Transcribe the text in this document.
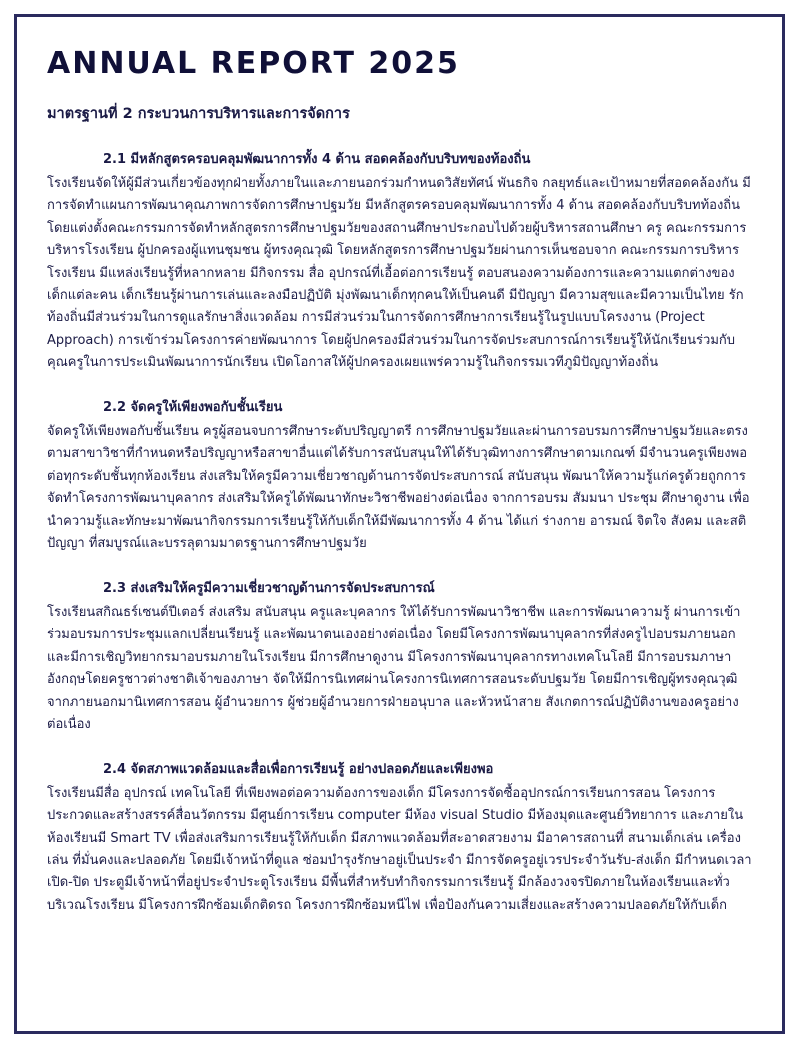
ANNUAL REPORT 2025
มาตรฐานที่ 2 กระบวนการบริหารและการจัดการ

2.1 มีหลักสูตรครอบคลุมพัฒนาการทั้ง 4 ด้าน สอดคล้องกับบริบทของท้องถิ่น

โรงเรียนจัดให้ผู้มีส่วนเกี่ยวข้องทุกฝ่ายทั้งภายในและภายนอกร่วมกำหนดวิสัยทัศน์ พันธกิจ กลยุทธ์และเป้าหมายที่สอดคล้องกัน มีการจัดทำแผนการพัฒนาคุณภาพการจัดการศึกษาปฐมวัย มีหลักสูตรครอบคลุมพัฒนาการทั้ง 4 ด้าน สอดคล้องกับบริบทท้องถิ่น โดยแต่งตั้งคณะกรรมการจัดทำหลักสูตรการศึกษาปฐมวัยของสถานศึกษาประกอบไปด้วยผู้บริหารสถานศึกษา ครู คณะกรรมการบริหารโรงเรียน ผู้ปกครองผู้แทนชุมชน ผู้ทรงคุณวุฒิ โดยหลักสูตรการศึกษาปฐมวัยผ่านการเห็นชอบจาก คณะกรรมการบริหารโรงเรียน มีแหล่งเรียนรู้ที่หลากหลาย มีกิจกรรม สื่อ อุปกรณ์ที่เอื้อต่อการเรียนรู้ ตอบสนองความต้องการและความแตกต่างของเด็กแต่ละคน เด็กเรียนรู้ผ่านการเล่นและลงมือปฏิบัติ มุ่งพัฒนาเด็กทุกคนให้เป็นคนดี มีปัญญา มีความสุขและมีความเป็นไทย รักท้องถิ่นมีส่วนร่วมในการดูแลรักษาสิ่งแวดล้อม การมีส่วนร่วมในการจัดการศึกษาการเรียนรู้ในรูปแบบโครงงาน (Project Approach) การเข้าร่วมโครงการค่ายพัฒนาการ โดยผู้ปกครองมีส่วนร่วมในการจัดประสบการณ์การเรียนรู้ให้นักเรียนร่วมกับคุณครูในการประเมินพัฒนาการนักเรียน เปิดโอกาสให้ผู้ปกครองเผยแพร่ความรู้ในกิจกรรมเวทีภูมิปัญญาท้องถิ่น

2.2 จัดครูให้เพียงพอกับชั้นเรียน

จัดครูให้เพียงพอกับชั้นเรียน ครูผู้สอนจบการศึกษาระดับปริญญาตรี การศึกษาปฐมวัยและผ่านการอบรมการศึกษาปฐมวัยและตรงตามสาขาวิชาที่กำหนดหรือปริญญาหรือสาขาอื่นแต่ได้รับการสนับสนุนให้ได้รับวุฒิทางการศึกษาตามเกณฑ์ มีจำนวนครูเพียงพอต่อทุกระดับชั้นทุกห้องเรียน ส่งเสริมให้ครูมีความเชี่ยวชาญด้านการจัดประสบการณ์ สนับสนุน พัฒนาให้ความรู้แก่ครูด้วยถูกการจัดทำโครงการพัฒนาบุคลากร ส่งเสริมให้ครูได้พัฒนาทักษะวิชาชีพอย่างต่อเนื่อง จากการอบรม สัมมนา ประชุม ศึกษาดูงาน เพื่อนำความรู้และทักษะมาพัฒนากิจกรรมการเรียนรู้ให้กับเด็กให้มีพัฒนาการทั้ง 4 ด้าน ได้แก่ ร่างกาย อารมณ์ จิตใจ สังคม และสติปัญญา ที่สมบูรณ์และบรรลุตามมาตรฐานการศึกษาปฐมวัย

2.3 ส่งเสริมให้ครูมีความเชี่ยวชาญด้านการจัดประสบการณ์

โรงเรียนสกิณธร์เซนต์ปีเตอร์ ส่งเสริม สนับสนุน ครูและบุคลากร ให้ได้รับการพัฒนาวิชาชีพ และการพัฒนาความรู้ ผ่านการเข้าร่วมอบรมการประชุมแลกเปลี่ยนเรียนรู้ และพัฒนาตนเองอย่างต่อเนื่อง โดยมีโครงการพัฒนาบุคลากรที่ส่งครูไปอบรมภายนอก และมีการเชิญวิทยากรมาอบรมภายในโรงเรียน มีการศึกษาดูงาน มีโครงการพัฒนาบุคลากรทางเทคโนโลยี มีการอบรมภาษาอังกฤษโดยครูชาวต่างชาติเจ้าของภาษา จัดให้มีการนิเทศผ่านโครงการนิเทศการสอนระดับปฐมวัย โดยมีการเชิญผู้ทรงคุณวุฒิจากภายนอกมานิเทศการสอน ผู้อำนวยการ ผู้ช่วยผู้อำนวยการฝ่ายอนุบาล และหัวหน้าสาย สังเกตการณ์ปฏิบัติงานของครูอย่างต่อเนื่อง

2.4 จัดสภาพแวดล้อมและสื่อเพื่อการเรียนรู้ อย่างปลอดภัยและเพียงพอ

โรงเรียนมีสื่อ อุปกรณ์ เทคโนโลยี ที่เพียงพอต่อความต้องการของเด็ก มีโครงการจัดซื้ออุปกรณ์การเรียนการสอน โครงการประกวดและสร้างสรรค์สื่อนวัตกรรม มีศูนย์การเรียน computer มีห้อง visual Studio มีห้องมุดและศูนย์วิทยาการ และภายในห้องเรียนมี Smart TV เพื่อส่งเสริมการเรียนรู้ให้กับเด็ก มีสภาพแวดล้อมที่สะอาดสวยงาม มีอาคารสถานที่ สนามเด็กเล่น เครื่องเล่น ที่มั่นคงและปลอดภัย โดยมีเจ้าหน้าที่ดูแล ซ่อมบำรุงรักษาอยู่เป็นประจำ มีการจัดครูอยู่เวรประจำวันรับ-ส่งเด็ก มีกำหนดเวลาเปิด-ปิด ประตูมีเจ้าหน้าที่อยู่ประจำประตูโรงเรียน มีพื้นที่สำหรับทำกิจกรรมการเรียนรู้ มีกล้องวงจรปิดภายในห้องเรียนและทั่วบริเวณโรงเรียน มีโครงการฝึกซ้อมเด็กติดรถ โครงการฝึกซ้อมหนีไฟ เพื่อป้องกันความเสี่ยงและสร้างความปลอดภัยให้กับเด็ก
